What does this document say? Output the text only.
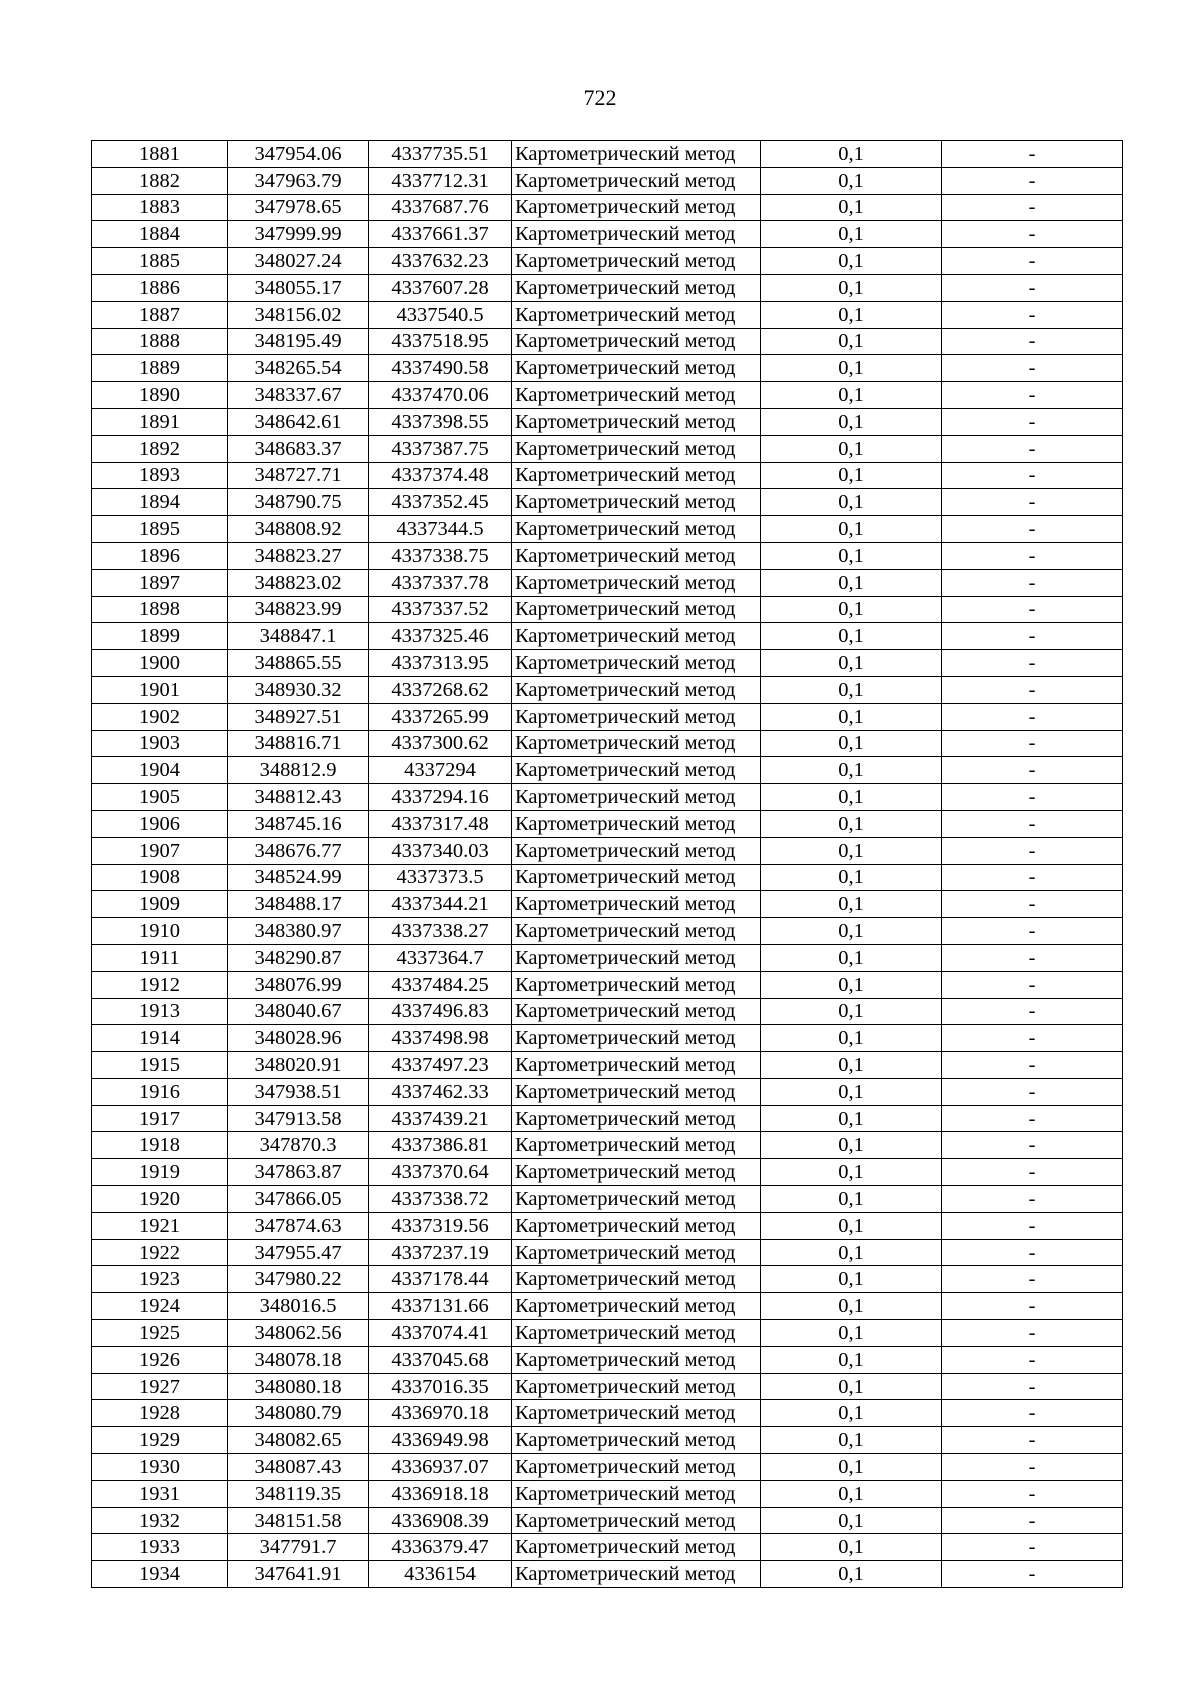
722
1881	347954.06	4337735.51	Картометрический метод	0,1	-
1882	347963.79	4337712.31	Картометрический метод	0,1	-
1883	347978.65	4337687.76	Картометрический метод	0,1	-
1884	347999.99	4337661.37	Картометрический метод	0,1	-
1885	348027.24	4337632.23	Картометрический метод	0,1	-
1886	348055.17	4337607.28	Картометрический метод	0,1	-
1887	348156.02	4337540.5	Картометрический метод	0,1	-
1888	348195.49	4337518.95	Картометрический метод	0,1	-
1889	348265.54	4337490.58	Картометрический метод	0,1	-
1890	348337.67	4337470.06	Картометрический метод	0,1	-
1891	348642.61	4337398.55	Картометрический метод	0,1	-
1892	348683.37	4337387.75	Картометрический метод	0,1	-
1893	348727.71	4337374.48	Картометрический метод	0,1	-
1894	348790.75	4337352.45	Картометрический метод	0,1	-
1895	348808.92	4337344.5	Картометрический метод	0,1	-
1896	348823.27	4337338.75	Картометрический метод	0,1	-
1897	348823.02	4337337.78	Картометрический метод	0,1	-
1898	348823.99	4337337.52	Картометрический метод	0,1	-
1899	348847.1	4337325.46	Картометрический метод	0,1	-
1900	348865.55	4337313.95	Картометрический метод	0,1	-
1901	348930.32	4337268.62	Картометрический метод	0,1	-
1902	348927.51	4337265.99	Картометрический метод	0,1	-
1903	348816.71	4337300.62	Картометрический метод	0,1	-
1904	348812.9	4337294	Картометрический метод	0,1	-
1905	348812.43	4337294.16	Картометрический метод	0,1	-
1906	348745.16	4337317.48	Картометрический метод	0,1	-
1907	348676.77	4337340.03	Картометрический метод	0,1	-
1908	348524.99	4337373.5	Картометрический метод	0,1	-
1909	348488.17	4337344.21	Картометрический метод	0,1	-
1910	348380.97	4337338.27	Картометрический метод	0,1	-
1911	348290.87	4337364.7	Картометрический метод	0,1	-
1912	348076.99	4337484.25	Картометрический метод	0,1	-
1913	348040.67	4337496.83	Картометрический метод	0,1	-
1914	348028.96	4337498.98	Картометрический метод	0,1	-
1915	348020.91	4337497.23	Картометрический метод	0,1	-
1916	347938.51	4337462.33	Картометрический метод	0,1	-
1917	347913.58	4337439.21	Картометрический метод	0,1	-
1918	347870.3	4337386.81	Картометрический метод	0,1	-
1919	347863.87	4337370.64	Картометрический метод	0,1	-
1920	347866.05	4337338.72	Картометрический метод	0,1	-
1921	347874.63	4337319.56	Картометрический метод	0,1	-
1922	347955.47	4337237.19	Картометрический метод	0,1	-
1923	347980.22	4337178.44	Картометрический метод	0,1	-
1924	348016.5	4337131.66	Картометрический метод	0,1	-
1925	348062.56	4337074.41	Картометрический метод	0,1	-
1926	348078.18	4337045.68	Картометрический метод	0,1	-
1927	348080.18	4337016.35	Картометрический метод	0,1	-
1928	348080.79	4336970.18	Картометрический метод	0,1	-
1929	348082.65	4336949.98	Картометрический метод	0,1	-
1930	348087.43	4336937.07	Картометрический метод	0,1	-
1931	348119.35	4336918.18	Картометрический метод	0,1	-
1932	348151.58	4336908.39	Картометрический метод	0,1	-
1933	347791.7	4336379.47	Картометрический метод	0,1	-
1934	347641.91	4336154	Картометрический метод	0,1	-
